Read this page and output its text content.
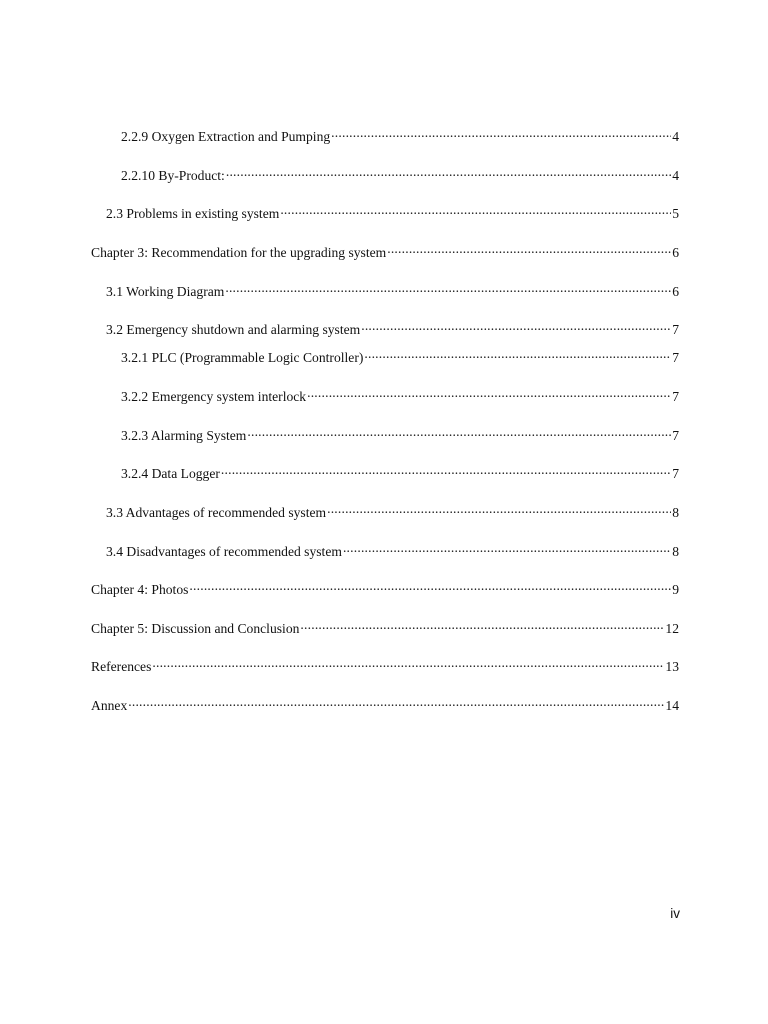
2.2.9 Oxygen Extraction and Pumping .....	4
2.2.10 By-Product: .....	4
2.3 Problems in existing system .....	5
Chapter 3: Recommendation for the upgrading system .....	6
3.1 Working Diagram .....	6
3.2 Emergency shutdown and alarming system .....	7
3.2.1 PLC (Programmable Logic Controller) .....	7
3.2.2 Emergency system interlock .....	7
3.2.3 Alarming System .....	7
3.2.4 Data Logger .....	7
3.3 Advantages of recommended system .....	8
3.4 Disadvantages of recommended system .....	8
Chapter 4: Photos .....	9
Chapter 5: Discussion and Conclusion .....	12
References .....	13
Annex .....	14
iv
